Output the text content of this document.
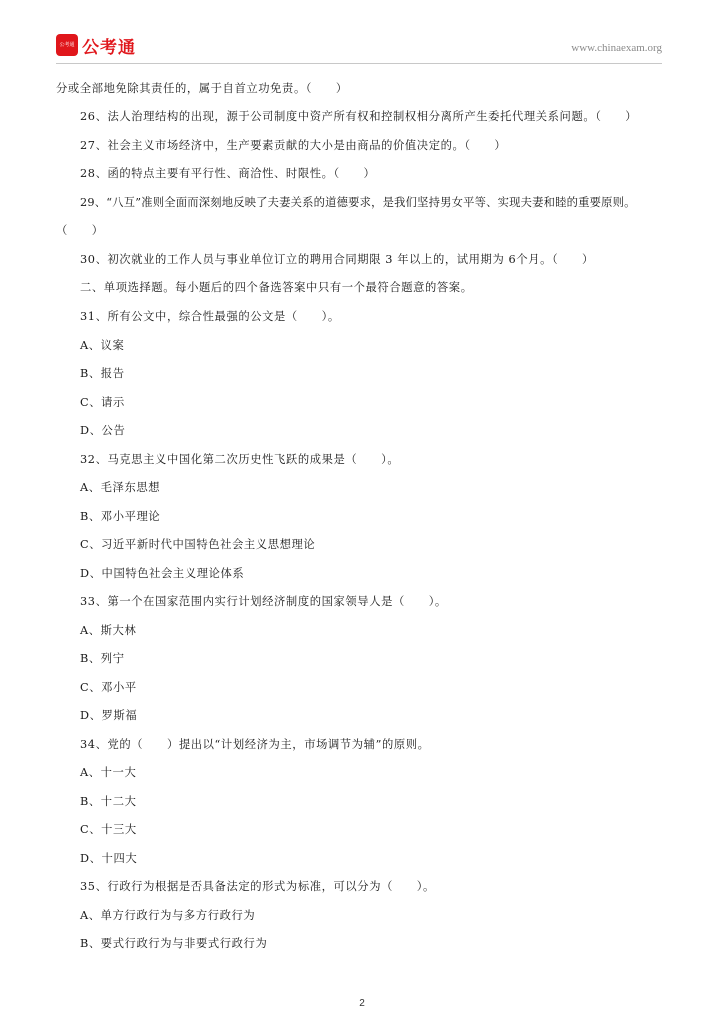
公考通 公考通	www.chinaexam.org
分或全部地免除其责任的，属于自首立功免责。（　　）
26、法人治理结构的出现，源于公司制度中资产所有权和控制权相分离所产生委托代理关系问题。（　　）
27、社会主义市场经济中，生产要素贡献的大小是由商品的价值决定的。（　　）
28、函的特点主要有平行性、商洽性、时限性。（　　）
29、“八互”准则全面而深刻地反映了夫妻关系的道德要求，是我们坚持男女平等、实现夫妻和睦的重要原则。
（　　）
30、初次就业的工作人员与事业单位订立的聘用合同期限 3 年以上的，试用期为 6个月。（　　）
二、单项选择题。每小题后的四个备选答案中只有一个最符合题意的答案。
31、所有公文中，综合性最强的公文是（　　）。
A、议案
B、报告
C、请示
D、公告
32、马克思主义中国化第二次历史性飞跃的成果是（　　）。
A、毛泽东思想
B、邓小平理论
C、习近平新时代中国特色社会主义思想理论
D、中国特色社会主义理论体系
33、第一个在国家范围内实行计划经济制度的国家领导人是（　　）。
A、斯大林
B、列宁
C、邓小平
D、罗斯福
34、党的（　　）提出以“计划经济为主，市场调节为辅”的原则。
A、十一大
B、十二大
C、十三大
D、十四大
35、行政行为根据是否具备法定的形式为标准，可以分为（　　）。
A、单方行政行为与多方行政行为
B、要式行政行为与非要式行政行为
2
